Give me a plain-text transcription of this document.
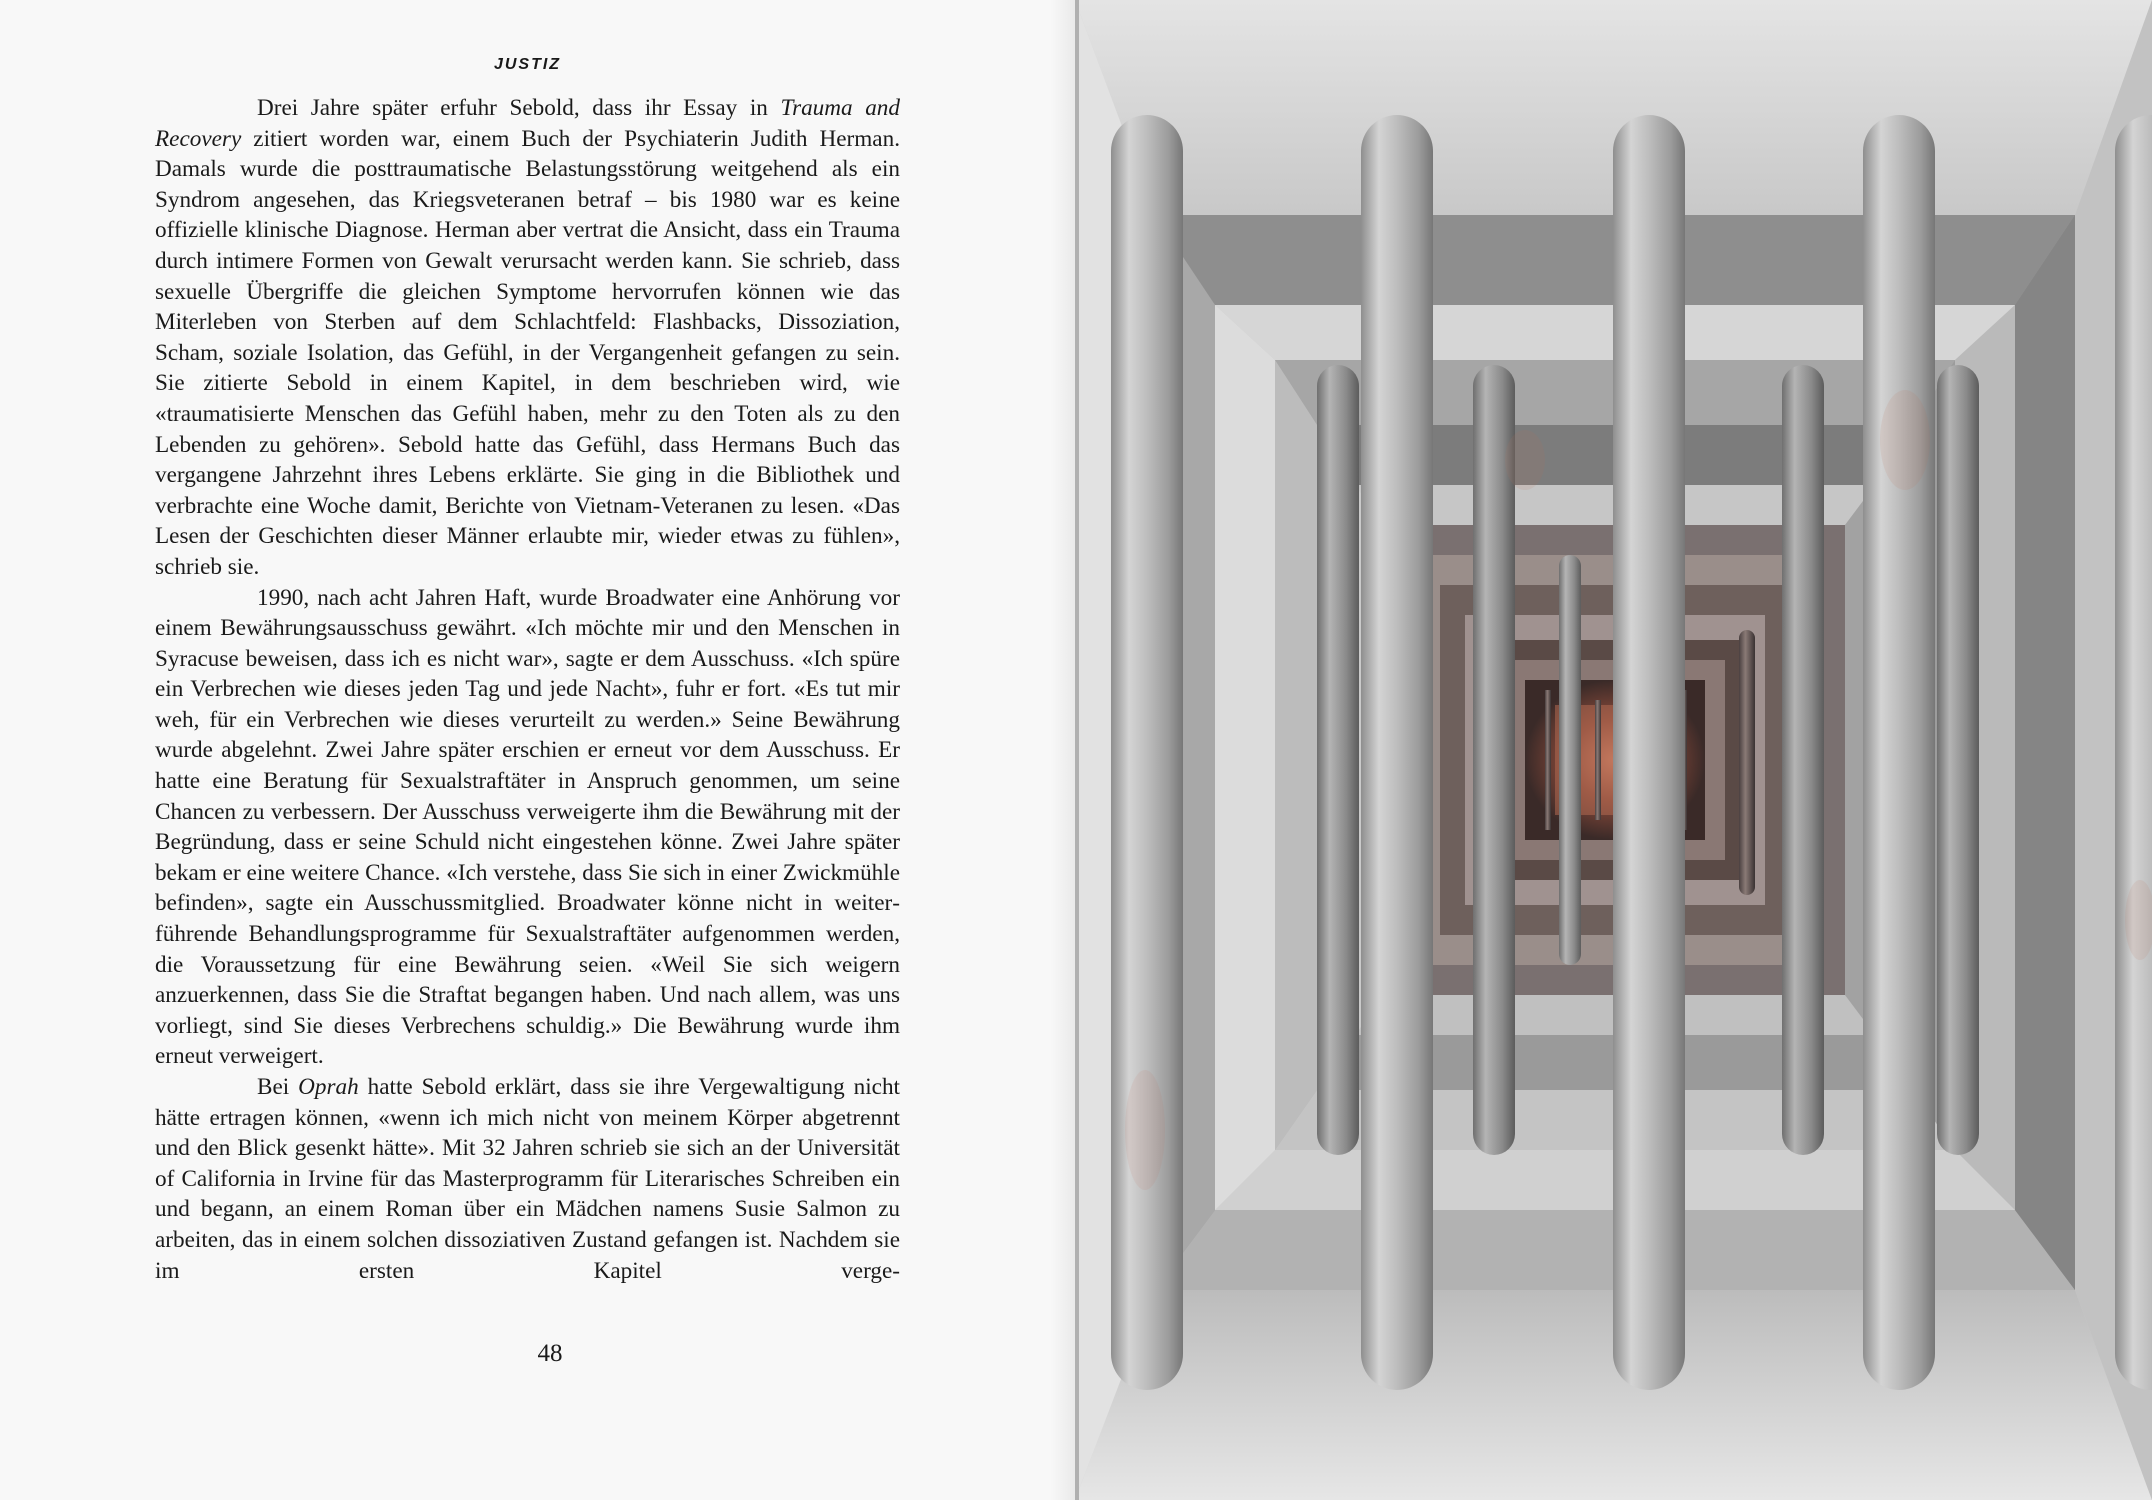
JUSTIZ

Drei Jahre später erfuhr Sebold, dass ihr Essay in Trauma and Recovery zitiert worden war, einem Buch der Psychiaterin Judith Herman. Damals wurde die posttraumatische Belastungsstörung weitgehend als ein Syndrom angesehen, das Kriegsveteranen betraf – bis 1980 war es keine offizielle klinische Diagnose. Herman aber vertrat die Ansicht, dass ein Trauma durch intimere Formen von Gewalt verursacht werden kann. Sie schrieb, dass sexuelle Übergriffe die gleichen Symptome hervorrufen können wie das Miterleben von Sterben auf dem Schlachtfeld: Flashbacks, Dissoziation, Scham, soziale Isolation, das Gefühl, in der Vergangenheit gefangen zu sein. Sie zitierte Sebold in einem Kapitel, in dem beschrieben wird, wie «traumatisierte Menschen das Gefühl haben, mehr zu den Toten als zu den Lebenden zu gehören». Sebold hatte das Gefühl, dass Hermans Buch das vergangene Jahrzehnt ihres Lebens erklärte. Sie ging in die Bibliothek und verbrachte eine Woche damit, Berichte von Vietnam-Veteranen zu lesen. «Das Lesen der Geschichten dieser Männer erlaubte mir, wieder etwas zu fühlen», schrieb sie.

1990, nach acht Jahren Haft, wurde Broadwater eine Anhörung vor einem Bewährungsausschuss gewährt. «Ich möchte mir und den Menschen in Syracuse beweisen, dass ich es nicht war», sagte er dem Ausschuss. «Ich spüre ein Verbrechen wie dieses jeden Tag und jede Nacht», fuhr er fort. «Es tut mir weh, für ein Verbrechen wie dieses verurteilt zu werden.» Seine Bewährung wurde abgelehnt. Zwei Jahre später erschien er erneut vor dem Ausschuss. Er hatte eine Beratung für Sexualstraftäter in Anspruch genommen, um seine Chancen zu verbessern. Der Ausschuss verweigerte ihm die Bewährung mit der Begründung, dass er seine Schuld nicht eingestehen könne. Zwei Jahre später bekam er eine weitere Chance. «Ich verstehe, dass Sie sich in einer Zwickmühle befinden», sagte ein Ausschussmitglied. Broadwater könne nicht in weiterführende Behandlungsprogramme für Sexualstraftäter aufgenommen werden, die Voraussetzung für eine Bewährung seien. «Weil Sie sich weigern anzuerkennen, dass Sie die Straftat begangen haben. Und nach allem, was uns vorliegt, sind Sie dieses Verbrechens schuldig.» Die Bewährung wurde ihm erneut verweigert.

Bei Oprah hatte Sebold erklärt, dass sie ihre Vergewaltigung nicht hätte ertragen können, «wenn ich mich nicht von meinem Körper abgetrennt und den Blick gesenkt hätte». Mit 32 Jahren schrieb sie sich an der Universität of California in Irvine für das Masterprogramm für Literarisches Schreiben ein und begann, an einem Roman über ein Mädchen namens Susie Salmon zu arbeiten, das in einem solchen dissoziativen Zustand gefangen ist. Nachdem sie im ersten Kapitel verge-

48
